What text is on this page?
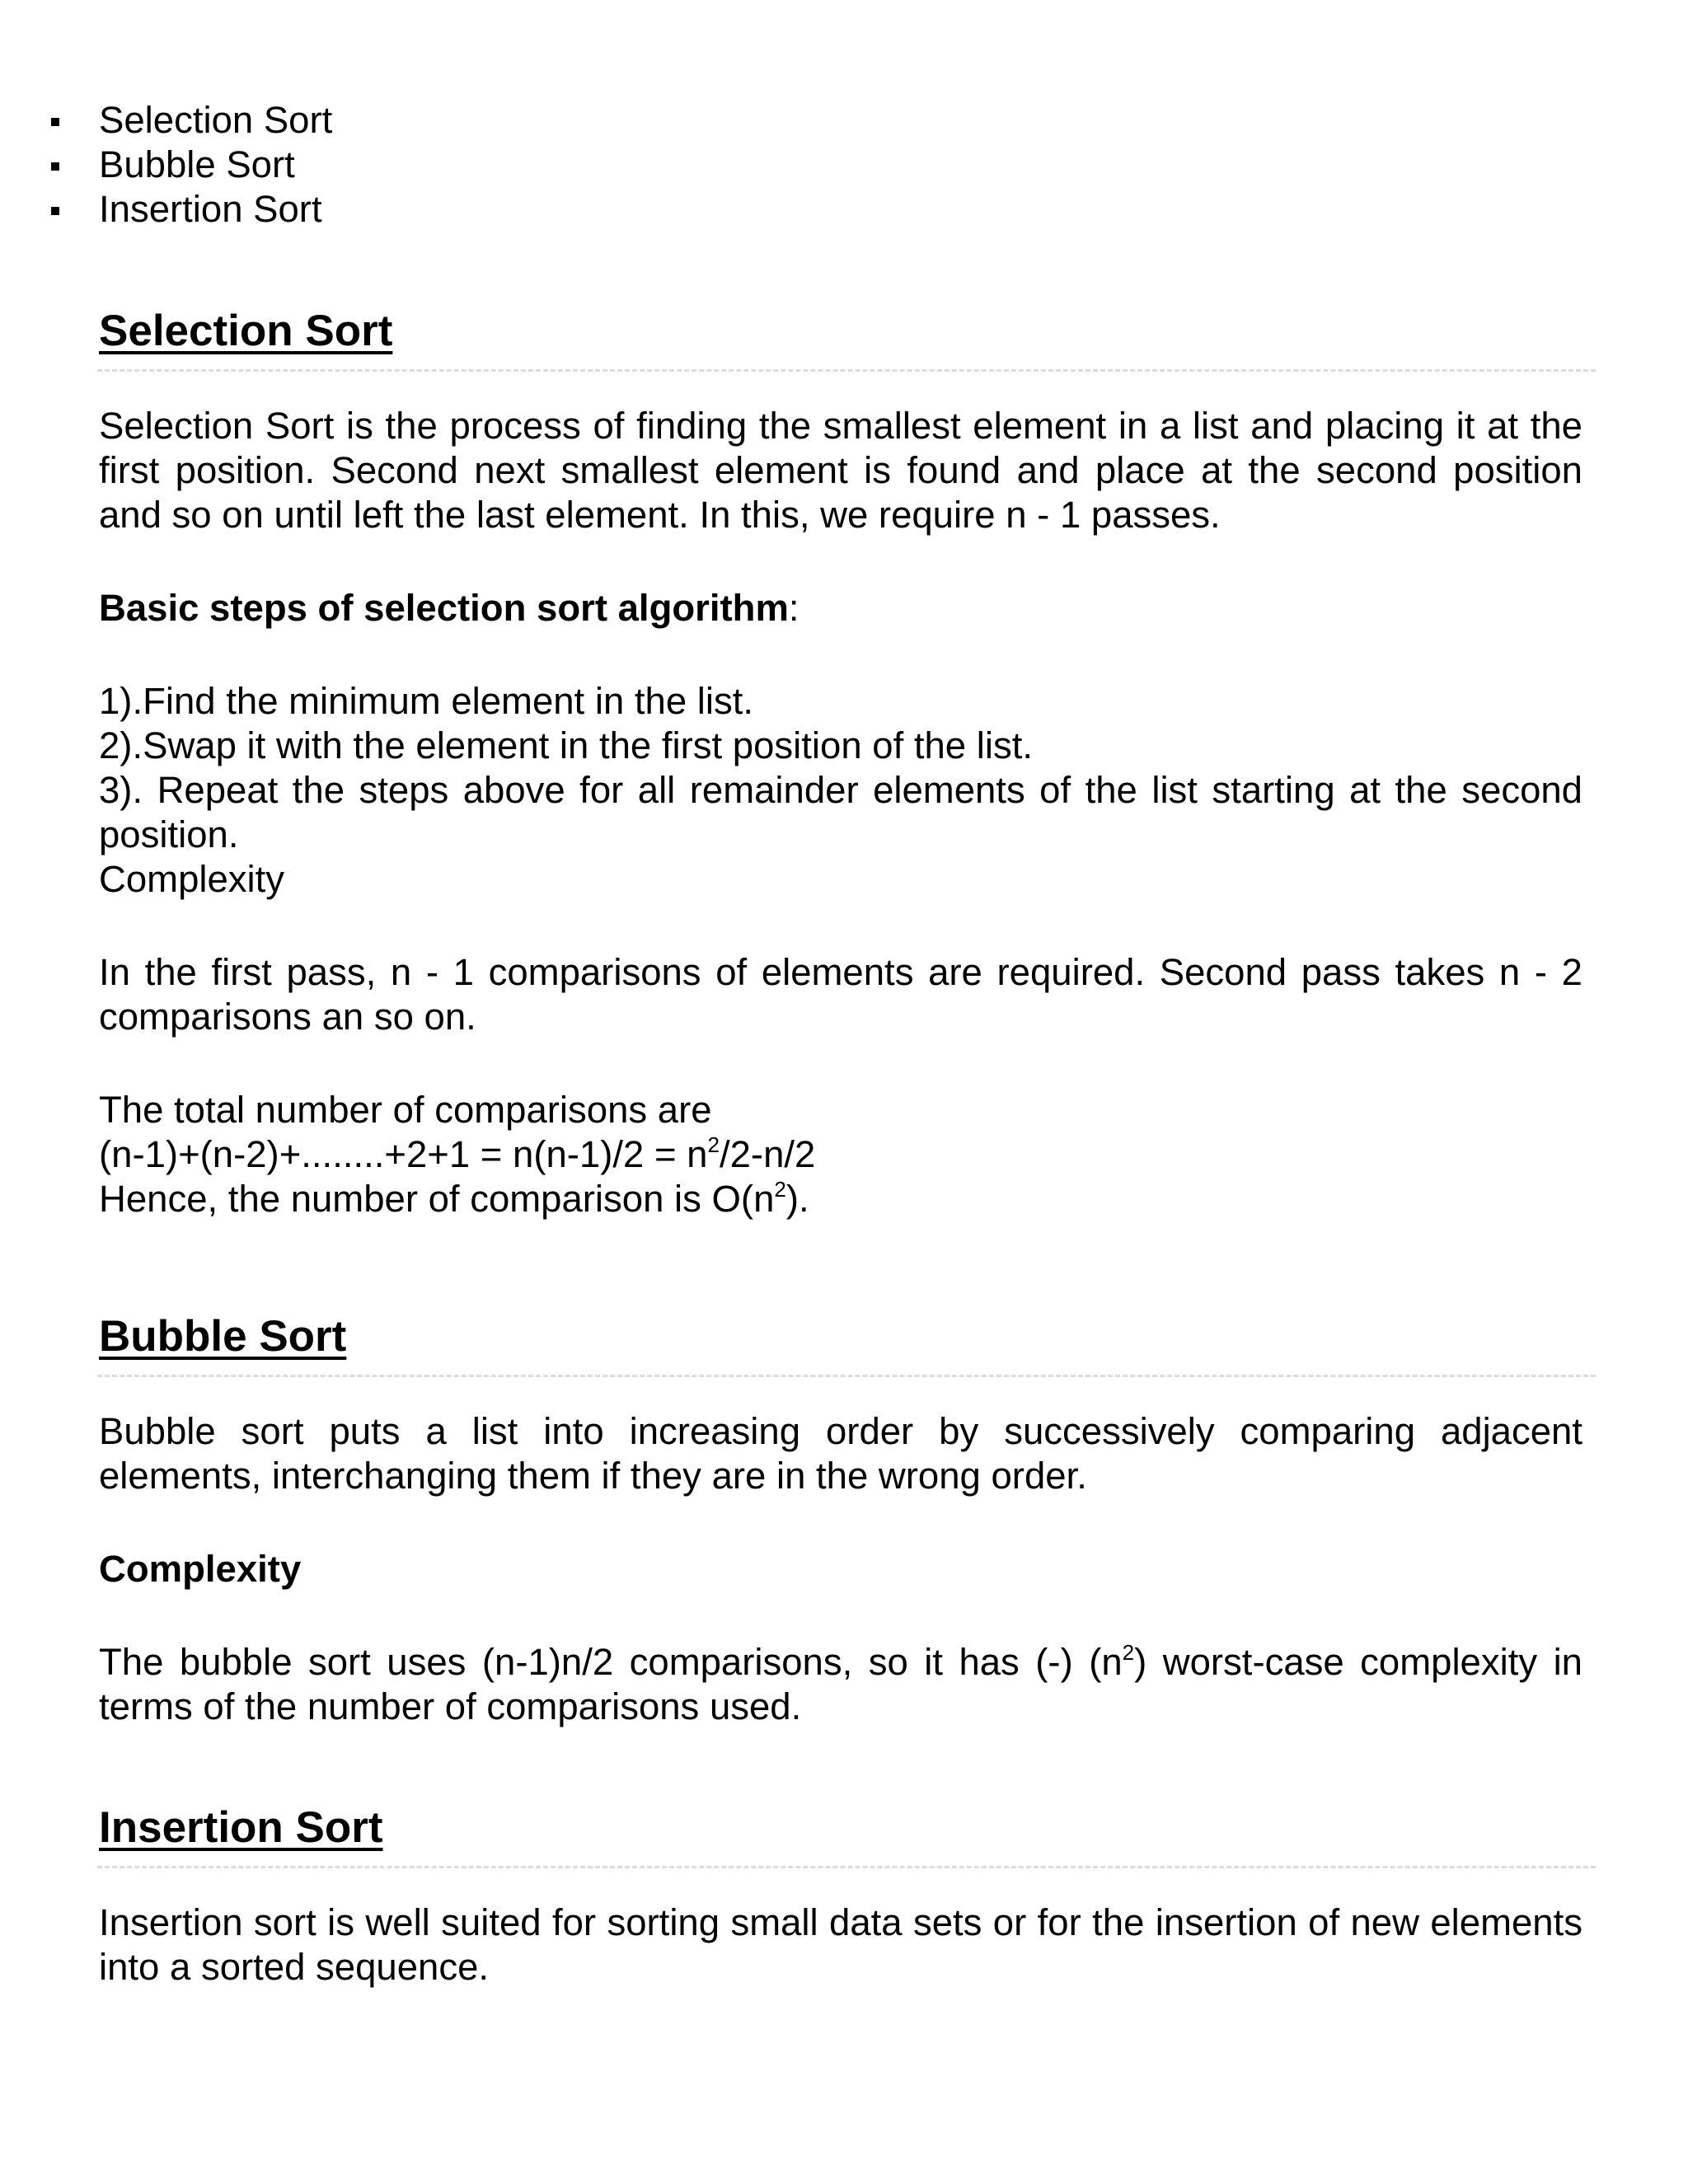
Selection Sort
Bubble Sort
Insertion Sort
Selection Sort
Selection Sort is the process of finding the smallest element in a list and placing it at the first position. Second next smallest element is found and place at the second position and so on until left the last element. In this, we require n - 1 passes.
Basic steps of selection sort algorithm:
1).Find the minimum element in the list.
2).Swap it with the element in the first position of the list.
3). Repeat the steps above for all remainder elements of the list starting at the second position.
Complexity
In the first pass, n - 1 comparisons of elements are required. Second pass takes n - 2 comparisons an so on.
The total number of comparisons are
$(n-1)+(n-2)+........+2+1 = n(n-1)/2 = n^2/2-n/2$
Hence, the number of comparison is $O(n^2)$.
Bubble Sort
Bubble sort puts a list into increasing order by successively comparing adjacent elements, interchanging them if they are in the wrong order.
Complexity
The bubble sort uses (n-1)n/2 comparisons, so it has (-) $(n^2)$ worst-case complexity in terms of the number of comparisons used.
Insertion Sort
Insertion sort is well suited for sorting small data sets or for the insertion of new elements into a sorted sequence.
